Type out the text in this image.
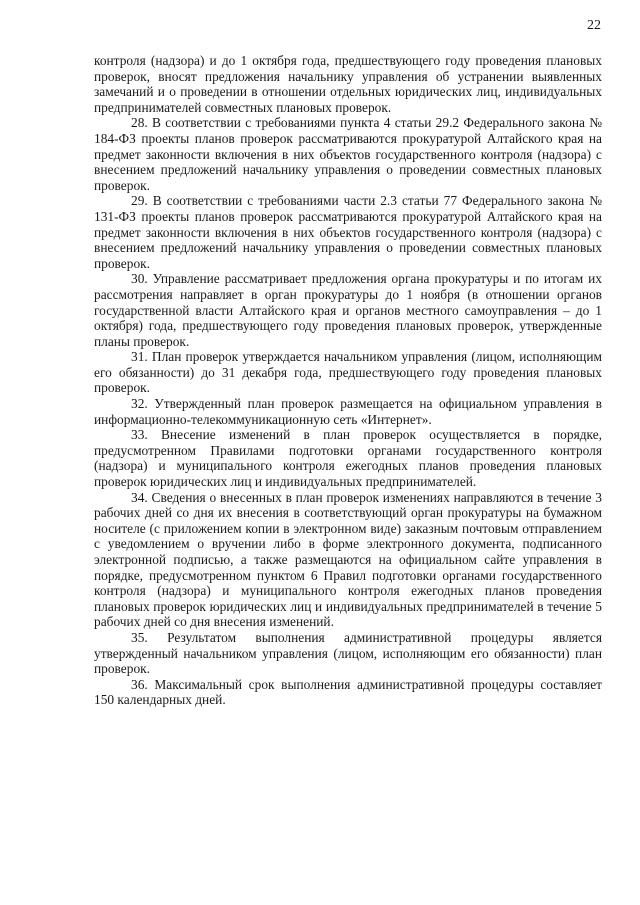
22

контроля (надзора) и до 1 октября года, предшествующего году проведения плановых проверок, вносят предложения начальнику управления об устранении выявленных замечаний и о проведении в отношении отдельных юридических лиц, индивидуальных предпринимателей совместных плановых проверок.

28. В соответствии с требованиями пункта 4 статьи 29.2 Федерального закона № 184-ФЗ проекты планов проверок рассматриваются прокуратурой Алтайского края на предмет законности включения в них объектов государственного контроля (надзора) с внесением предложений начальнику управления о проведении совместных плановых проверок.

29. В соответствии с требованиями части 2.3 статьи 77 Федерального закона № 131-ФЗ проекты планов проверок рассматриваются прокуратурой Алтайского края на предмет законности включения в них объектов государственного контроля (надзора) с внесением предложений начальнику управления о проведении совместных плановых проверок.

30. Управление рассматривает предложения органа прокуратуры и по итогам их рассмотрения направляет в орган прокуратуры до 1 ноября (в отношении органов государственной власти Алтайского края и органов местного самоуправления – до 1 октября) года, предшествующего году проведения плановых проверок, утвержденные планы проверок.

31. План проверок утверждается начальником управления (лицом, исполняющим его обязанности) до 31 декабря года, предшествующего году проведения плановых проверок.

32. Утвержденный план проверок размещается на официальном управления в информационно-телекоммуникационную сеть «Интернет».

33. Внесение изменений в план проверок осуществляется в порядке, предусмотренном Правилами подготовки органами государственного контроля (надзора) и муниципального контроля ежегодных планов проведения плановых проверок юридических лиц и индивидуальных предпринимателей.

34. Сведения о внесенных в план проверок изменениях направляются в течение 3 рабочих дней со дня их внесения в соответствующий орган прокуратуры на бумажном носителе (с приложением копии в электронном виде) заказным почтовым отправлением с уведомлением о вручении либо в форме электронного документа, подписанного электронной подписью, а также размещаются на официальном сайте управления в порядке, предусмотренном пунктом 6 Правил подготовки органами государственного контроля (надзора) и муниципального контроля ежегодных планов проведения плановых проверок юридических лиц и индивидуальных предпринимателей в течение 5 рабочих дней со дня внесения изменений.

35. Результатом выполнения административной процедуры является утвержденный начальником управления (лицом, исполняющим его обязанности) план проверок.

36. Максимальный срок выполнения административной процедуры составляет 150 календарных дней.
